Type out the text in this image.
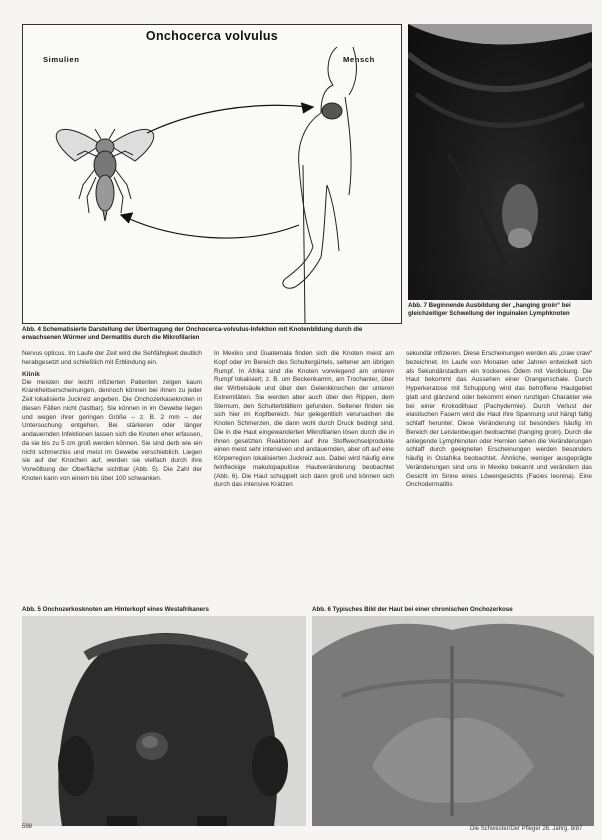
Onchocerca volvulus
Simulien	Mensch
Abb. 7 Beginnende Ausbildung der „hanging groin“ bei gleichzeitiger Schwellung der inguinalen Lymphknoten
Abb. 4 Schematisierte Darstellung der Übertragung der Onchocerca-volvulus-Infektion mit Knotenbildung durch die erwachsenen Würmer und Dermatitis durch die Mikrofilarien

Nervus opticus. Im Laufe der Zeit wird die Sehfähigkeit deutlich herabgesetzt und schließlich mit Erblindung ein.

Klinik

Die meisten der leicht infizierten Patienten zeigen kaum Krankheitserscheinungen, dennoch können bei ihnen zu jeder Zeit lokalisierte Juckreiz angeben. Die Onchozerkaseknoten in diesen Fällen nicht (tastbar). Sie können in im Gewebe liegen und wegen ihrer geringen Größe – z. B. 2 mm – der Untersuchung entgehen. Bei stärkeren oder länger andauernden Infektionen lassen sich die Knoten eher erfassen, da sie bis zu 5 cm groß werden können. Sie sind derb wie ein nicht schmerzlos und meist im Gewebe verschieblich. Liegen sie auf der Knochen auf, werden sie vielfach durch ihre Vorwölbung der Oberfläche sichtbar (Abb. 5). Die Zahl der Knoten kann von einem bis über 100 schwanken.

In Mexiko und Guatemala finden sich die Knoten meist am Kopf oder im Bereich des Schultergürtels, seltener am übrigen Rumpf. In Afrika sind die Knoten vorwiegend am unteren Rumpf lokalisiert, z. B. um Beckenkamm, am Trochanter, über der Wirbelsäule und über den Gelenkknochen der unteren Extremitäten. Sie werden aber auch über den Rippen, dem Sternum, den Schulterblättern gefunden. Seltener finden sie sich hier im Kopfbereich. Nur gelegentlich verursachen die Knoten Schmerzen, die dann wohl durch Druck bedingt sind. Die in die Haut eingewanderten Mikrofilarien lösen durch die in ihnen gesetzten Reaktionen auf ihre Stoffwechselprodukte einen meist sehr intensiven und andauernden, aber oft auf eine Körperregion lokalisierten Juckreiz aus. Dabei wird häufig eine feinfleckige makulopapulöse Hautveränderung beobachtet (Abb. 6). Die Haut schuppelt sich dann groß und können sich durch das intensive Kratzen

sekundär infizieren. Diese Erscheinungen werden als „craw craw“ bezeichnet. Im Laufe von Monaten oder Jahren entwickelt sich als Sekundärstadium ein trockenes Ödem mit Verdickung. Die Haut bekommt das Aussehen einer Orangenschale. Durch Hyperkeratose mit Schuppung wird das betroffene Hautgebiet glatt und glänzend oder bekommt einen runzligen Charakter wie bei einer Krokodilhaut (Pachydermie). Durch Verlust der elastischen Fasern wird die Haut ihre Spannung und hängt faltig schlaff herunter. Diese Veränderung ist besonders häufig im Bereich der Leistenbeugen beobachtet (hanging groin). Durch die anliegende Lymphknoten oder Hernien sehen die Veränderungen schlaff durch geeigneten Erscheinungen werden besonders häufig in Ostafrika beobachtet. Ähnliche, weniger ausgeprägte Veränderungen sind uns in Mexiko bekannt und verändern das Gesicht im Sinne eines Löwengesichts (Facies leonina). Eine Onchodermatitis

Abb. 5 Onchozerkosknoten am Hinterkopf eines Westafrikaners	Abb. 6 Typisches Bild der Haut bei einer chronischen Onchozerkose
598	Die Schwester/Der Pfleger 26. Jahrg. 8/87
